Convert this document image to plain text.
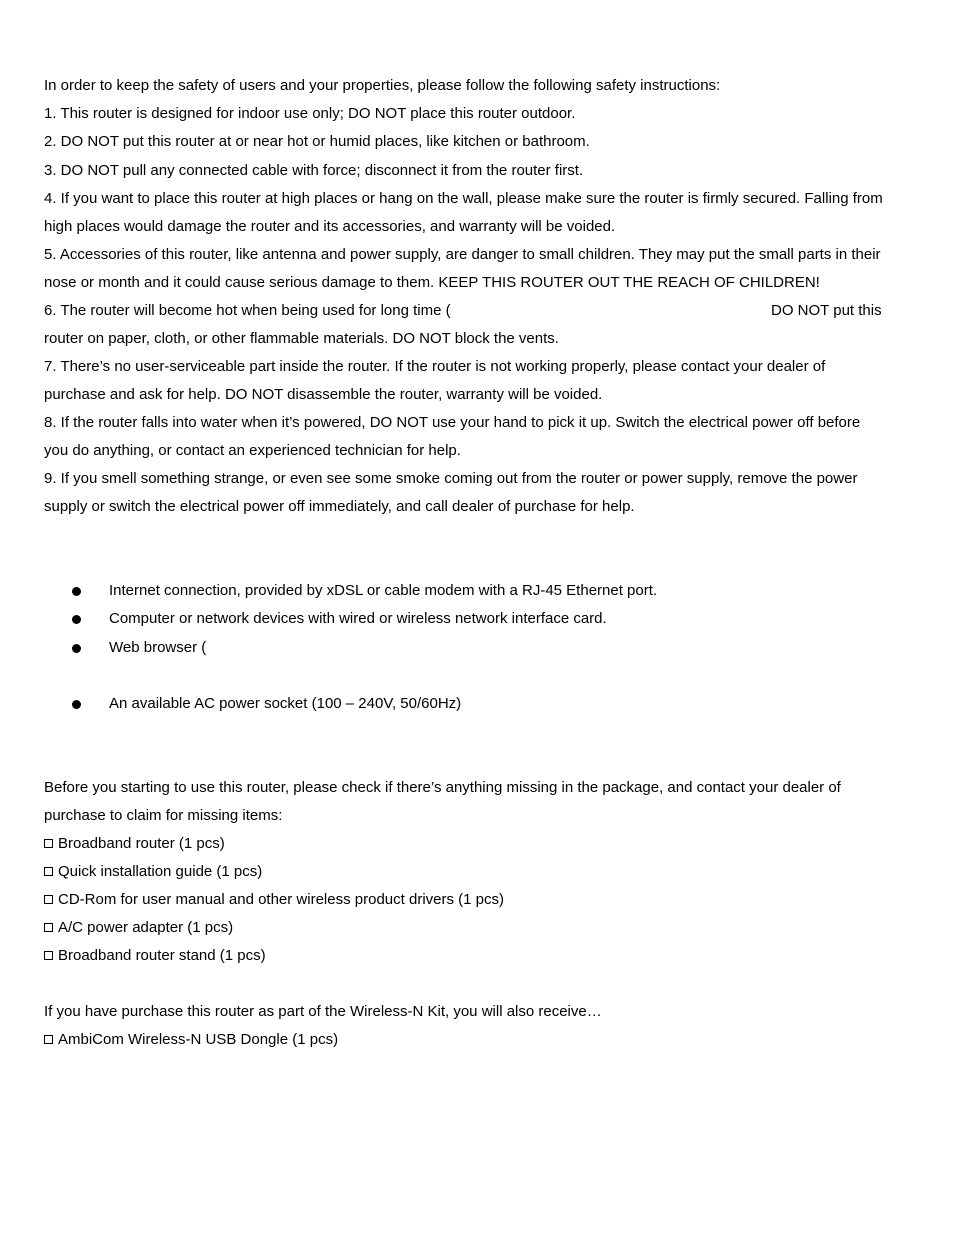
In order to keep the safety of users and your properties, please follow the following safety instructions:
1. This router is designed for indoor use only; DO NOT place this router outdoor.
2. DO NOT put this router at or near hot or humid places, like kitchen or bathroom.
3. DO NOT pull any connected cable with force; disconnect it from the router first.
4. If you want to place this router at high places or hang on the wall, please make sure the router is firmly secured. Falling from
high places would damage the router and its accessories, and warranty will be voided.
5. Accessories of this router, like antenna and power supply, are danger to small children. They may put the small parts in their
nose or month and it could cause serious damage to them. KEEP THIS ROUTER OUT THE REACH OF CHILDREN!
6. The router will become hot when being used for long time (	DO NOT put this
router on paper, cloth, or other flammable materials. DO NOT block the vents.
7. There’s no user-serviceable part inside the router. If the router is not working properly, please contact your dealer of
purchase and ask for help. DO NOT disassemble the router, warranty will be voided.
8. If the router falls into water when it’s powered, DO NOT use your hand to pick it up. Switch the electrical power off before
you do anything, or contact an experienced technician for help.
9. If you smell something strange, or even see some smoke coming out from the router or power supply, remove the power
supply or switch the electrical power off immediately, and call dealer of purchase for help.
Internet connection, provided by xDSL or cable modem with a RJ-45 Ethernet port.
Computer or network devices with wired or wireless network interface card.
Web browser (
An available AC power socket (100 – 240V, 50/60Hz)
Before you starting to use this router, please check if there’s anything missing in the package, and contact your dealer of
purchase to claim for missing items:
Broadband router (1 pcs)
Quick installation guide (1 pcs)
CD-Rom for user manual and other wireless product drivers (1 pcs)
A/C power adapter (1 pcs)
Broadband router stand (1 pcs)
If you have purchase this router as part of the Wireless-N Kit, you will also receive…
AmbiCom Wireless-N USB Dongle (1 pcs)
